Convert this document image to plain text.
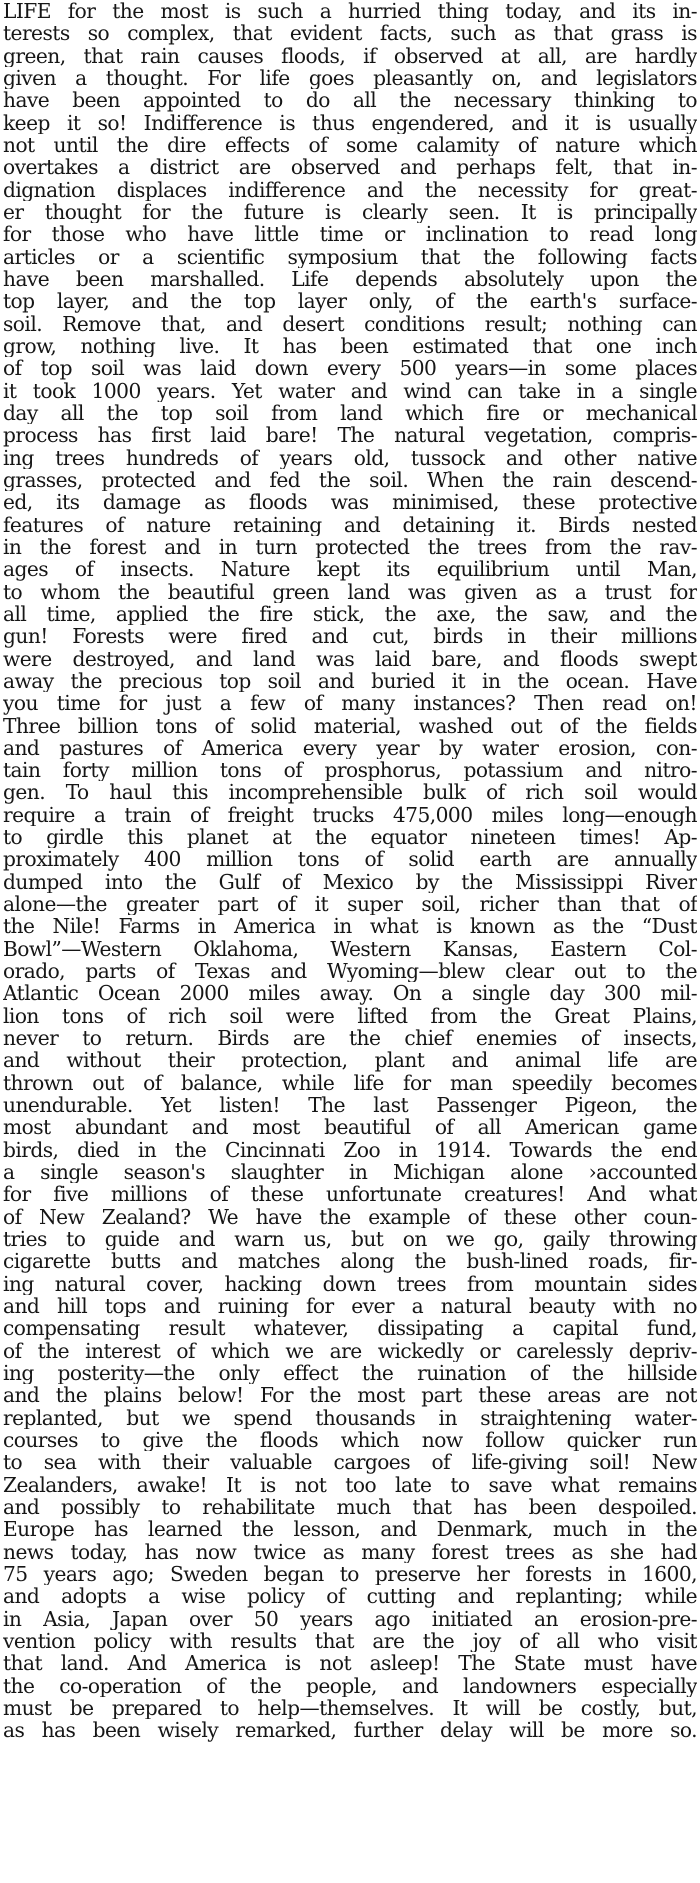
LIFE for the most is such a hurried thing today, and its in-
terests so complex, that evident facts, such as that grass is
green, that rain causes floods, if observed at all, are hardly
given a thought. For life goes pleasantly on, and legislators
have been appointed to do all the necessary thinking to
keep it so! Indifference is thus engendered, and it is usually
not until the dire effects of some calamity of nature which
overtakes a district are observed and perhaps felt, that in-
dignation displaces indifference and the necessity for great-
er thought for the future is clearly seen. It is principally
for those who have little time or inclination to read long
articles or a scientific symposium that the following facts
have been marshalled. Life depends absolutely upon the
top layer, and the top layer only, of the earth's surface-
soil. Remove that, and desert conditions result; nothing can
grow, nothing live. It has been estimated that one inch
of top soil was laid down every 500 years—in some places
it took 1000 years. Yet water and wind can take in a single
day all the top soil from land which fire or mechanical
process has first laid bare! The natural vegetation, compris-
ing trees hundreds of years old, tussock and other native
grasses, protected and fed the soil. When the rain descend-
ed, its damage as floods was minimised, these protective
features of nature retaining and detaining it. Birds nested
in the forest and in turn protected the trees from the rav-
ages of insects. Nature kept its equilibrium until Man,
to whom the beautiful green land was given as a trust for
all time, applied the fire stick, the axe, the saw, and the
gun! Forests were fired and cut, birds in their millions
were destroyed, and land was laid bare, and floods swept
away the precious top soil and buried it in the ocean. Have
you time for just a few of many instances? Then read on!
Three billion tons of solid material, washed out of the fields
and pastures of America every year by water erosion, con-
tain forty million tons of prosphorus, potassium and nitro-
gen. To haul this incomprehensible bulk of rich soil would
require a train of freight trucks 475,000 miles long—enough
to girdle this planet at the equator nineteen times! Ap-
proximately 400 million tons of solid earth are annually
dumped into the Gulf of Mexico by the Mississippi River
alone—the greater part of it super soil, richer than that of
the Nile! Farms in America in what is known as the “Dust
Bowl”—Western Oklahoma, Western Kansas, Eastern Col-
orado, parts of Texas and Wyoming—blew clear out to the
Atlantic Ocean 2000 miles away. On a single day 300 mil-
lion tons of rich soil were lifted from the Great Plains,
never to return. Birds are the chief enemies of insects,
and without their protection, plant and animal life are
thrown out of balance, while life for man speedily becomes
unendurable. Yet listen! The last Passenger Pigeon, the
most abundant and most beautiful of all American game
birds, died in the Cincinnati Zoo in 1914. Towards the end
a single season's slaughter in Michigan alone ›accounted
for five millions of these unfortunate creatures! And what
of New Zealand? We have the example of these other coun-
tries to guide and warn us, but on we go, gaily throwing
cigarette butts and matches along the bush-lined roads, fir-
ing natural cover, hacking down trees from mountain sides
and hill tops and ruining for ever a natural beauty with no
compensating result whatever, dissipating a capital fund,
of the interest of which we are wickedly or carelessly depriv-
ing posterity—the only effect the ruination of the hillside
and the plains below! For the most part these areas are not
replanted, but we spend thousands in straightening water-
courses to give the floods which now follow quicker run
to sea with their valuable cargoes of life-giving soil! New
Zealanders, awake! It is not too late to save what remains
and possibly to rehabilitate much that has been despoiled.
Europe has learned the lesson, and Denmark, much in the
news today, has now twice as many forest trees as she had
75 years ago; Sweden began to preserve her forests in 1600,
and adopts a wise policy of cutting and replanting; while
in Asia, Japan over 50 years ago initiated an erosion-pre-
vention policy with results that are the joy of all who visit
that land. And America is not asleep! The State must have
the co-operation of the people, and landowners especially
must be prepared to help—themselves. It will be costly, but,
as has been wisely remarked, further delay will be more so.
